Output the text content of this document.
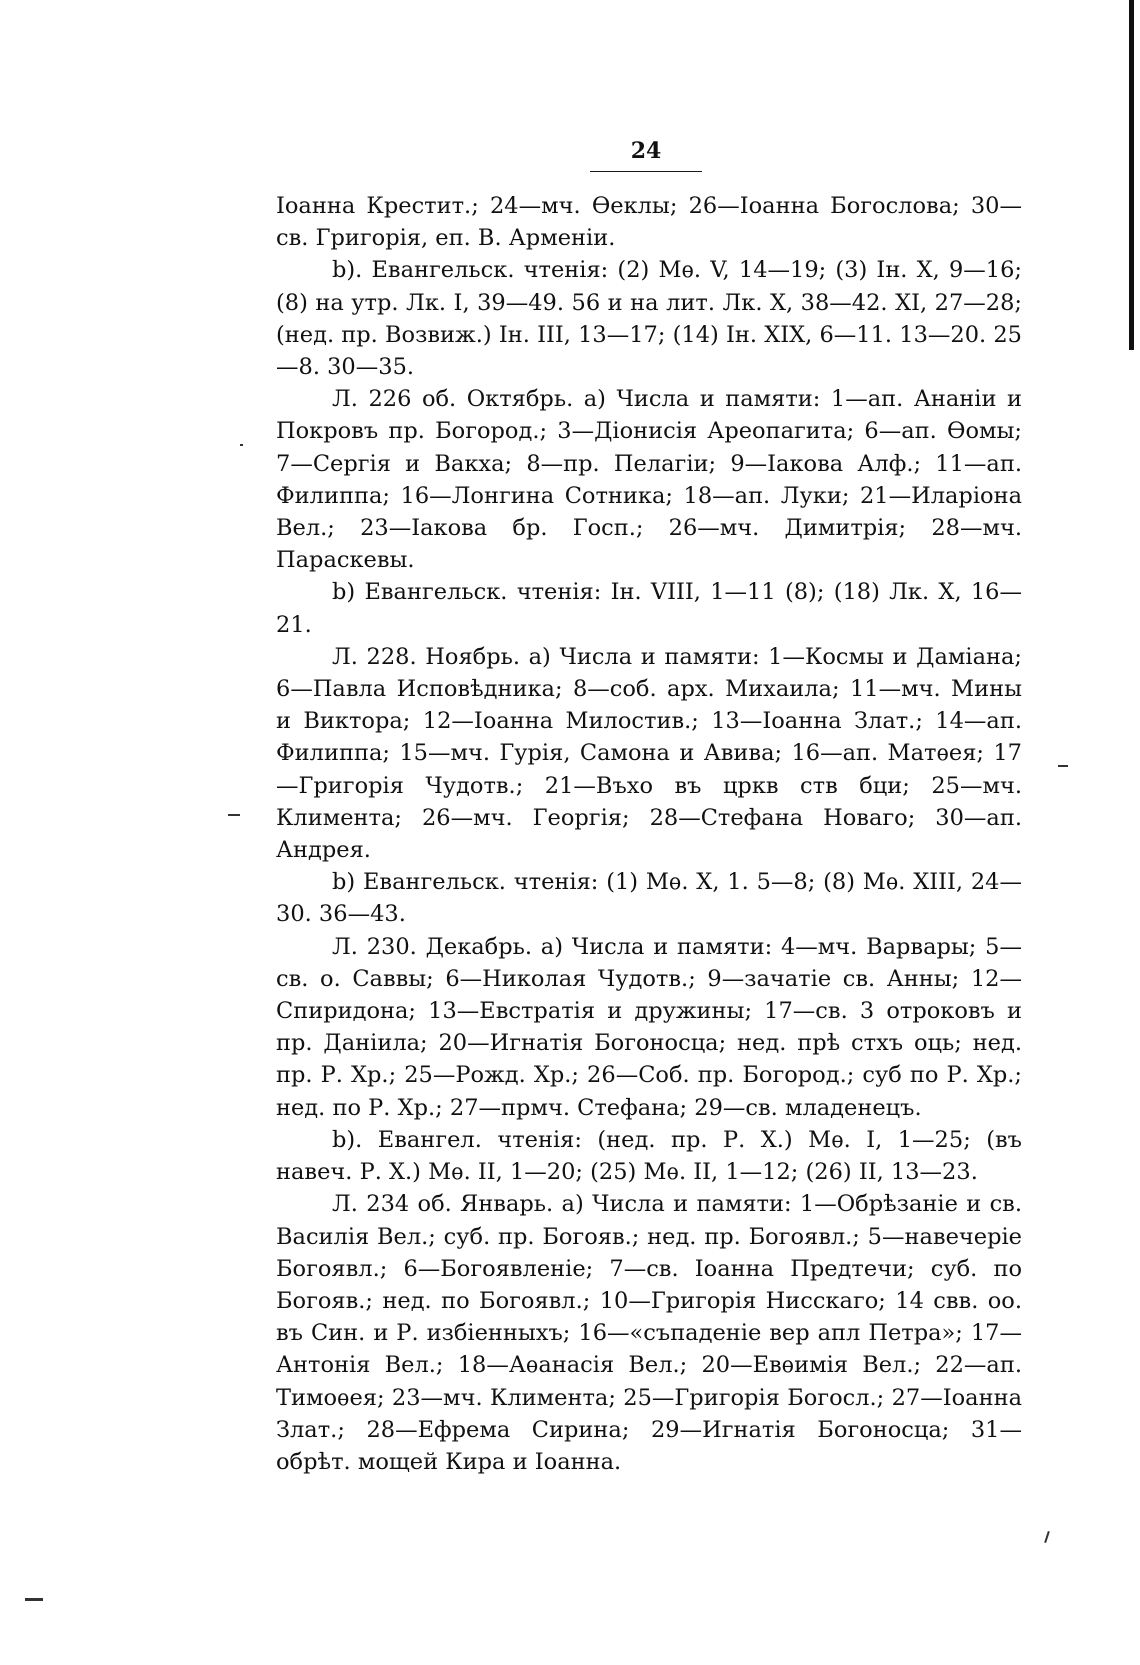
24

Іоанна Крестит.; 24—мч. Ѳеклы; 26—Іоанна Богослова; 30—св. Григорія, еп. В. Арменіи.

b). Евангельск. чтенія: (2) Мѳ. V, 14—19; (3) Ін. X, 9—16; (8) на утр. Лк. I, 39—49. 56 и на лит. Лк. X, 38—42. XI, 27—28; (нед. пр. Возвиж.) Ін. III, 13—17; (14) Ін. XIX, 6—11. 13—20. 25—8. 30—35.

Л. 226 об. Октябрь. а) Числа и памяти: 1—ап. Ананіи и Покровъ пр. Богород.; 3—Діонисія Ареопагита; 6—ап. Ѳомы; 7—Сергія и Вакха; 8—пр. Пелагіи; 9—Іакова Алф.; 11—ап. Филиппа; 16—Лонгина Сотника; 18—ап. Луки; 21—Иларіона Вел.; 23—Іакова бр. Госп.; 26—мч. Димитрія; 28—мч. Параскевы.

b) Евангельск. чтенія: Ін. VIII, 1—11 (8); (18) Лк. X, 16—21.

Л. 228. Ноябрь. а) Числа и памяти: 1—Космы и Даміана; 6—Павла Исповѣдника; 8—соб. арх. Михаила; 11—мч. Мины и Виктора; 12—Іоанна Милостив.; 13—Іоанна Злат.; 14—ап. Филиппа; 15—мч. Гурія, Самона и Авива; 16—ап. Матѳея; 17—Григорія Чудотв.; 21—Въхо въ цркв ств бци; 25—мч. Климента; 26—мч. Георгія; 28—Стефана Новаго; 30—ап. Андрея.

b) Евангельск. чтенія: (1) Мѳ. X, 1. 5—8; (8) Мѳ. XIII, 24—30. 36—43.

Л. 230. Декабрь. а) Числа и памяти: 4—мч. Варвары; 5—св. о. Саввы; 6—Николая Чудотв.; 9—зачатіе св. Анны; 12—Спиридона; 13—Евстратія и дружины; 17—св. 3 отроковъ и пр. Даніила; 20—Игнатія Богоносца; нед. прѣ стхъ оць; нед. пр. Р. Хр.; 25—Рожд. Хр.; 26—Соб. пр. Богород.; суб по Р. Хр.; нед. по Р. Хр.; 27—прмч. Стефана; 29—св. младенецъ.

b). Евангел. чтенія: (нед. пр. Р. Х.) Мѳ. I, 1—25; (въ навеч. Р. Х.) Мѳ. II, 1—20; (25) Мѳ. II, 1—12; (26) II, 13—23.

Л. 234 об. Январь. а) Числа и памяти: 1—Обрѣзаніе и св. Василія Вел.; суб. пр. Богояв.; нед. пр. Богоявл.; 5—навечеріе Богоявл.; 6—Богоявленіе; 7—св. Іоанна Предтечи; суб. по Богояв.; нед. по Богоявл.; 10—Григорія Нисскаго; 14 свв. оо. въ Син. и Р. избіенныхъ; 16—«съпаденіе вер апл Петра»; 17—Антонія Вел.; 18—Аѳанасія Вел.; 20—Евѳимія Вел.; 22—ап. Тимоѳея; 23—мч. Климента; 25—Григорія Богосл.; 27—Іоанна Злат.; 28—Ефрема Сирина; 29—Игнатія Богоносца; 31—обрѣт. мощей Кира и Іоанна.
